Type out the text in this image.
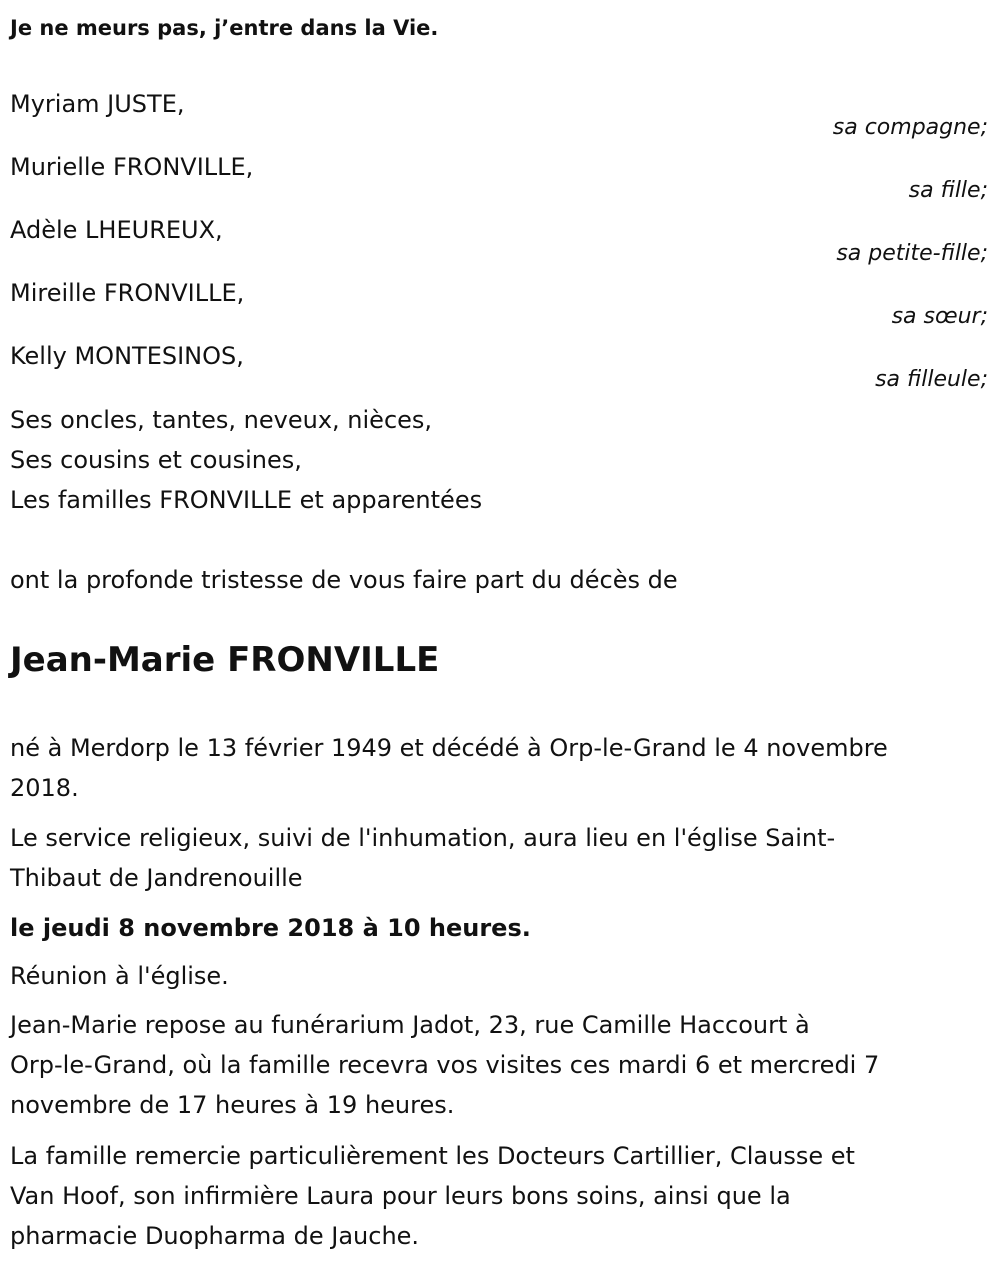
Je ne meurs pas, j’entre dans la Vie.
Myriam JUSTE,
sa compagne;
Murielle FRONVILLE,
sa fille;
Adèle LHEUREUX,
sa petite-fille;
Mireille FRONVILLE,
sa sœur;
Kelly MONTESINOS,
sa filleule;
Ses oncles, tantes, neveux, nièces,
Ses cousins et cousines,
Les familles FRONVILLE et apparentées
ont la profonde tristesse de vous faire part du décès de
Jean-Marie FRONVILLE
né à Merdorp le 13 février 1949 et décédé à Orp-le-Grand le 4 novembre
2018.
Le service religieux, suivi de l'inhumation, aura lieu en l'église Saint-
Thibaut de Jandrenouille
le jeudi 8 novembre 2018 à 10 heures.
Réunion à l'église.
Jean-Marie repose au funérarium Jadot, 23, rue Camille Haccourt à
Orp-le-Grand, où la famille recevra vos visites ces mardi 6 et mercredi 7
novembre de 17 heures à 19 heures.
La famille remercie particulièrement les Docteurs Cartillier, Clausse et
Van Hoof, son infirmière Laura pour leurs bons soins, ainsi que la
pharmacie Duopharma de Jauche.
